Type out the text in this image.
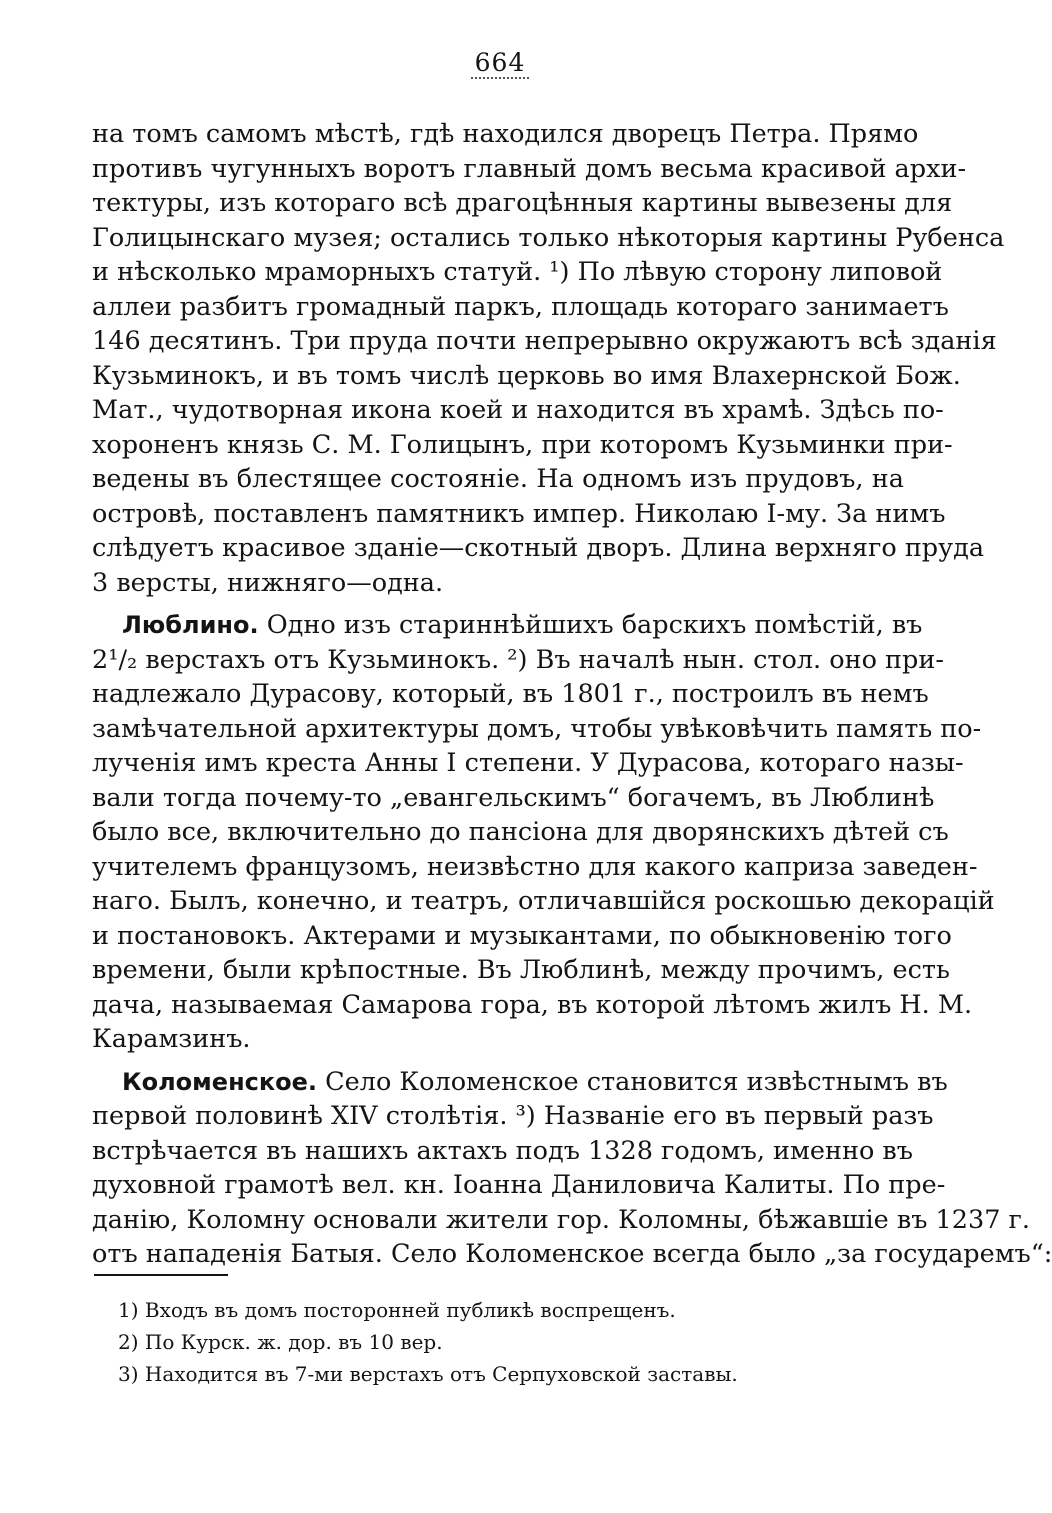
664
на томъ самомъ мѣстѣ, гдѣ находился дворецъ Петра. Прямо
противъ чугунныхъ воротъ главный домъ весьма красивой архи-
тектуры, изъ котораго всѣ драгоцѣнныя картины вывезены для
Голицынскаго музея; остались только нѣкоторыя картины Рубенса
и нѣсколько мраморныхъ статуй. ¹) По лѣвую сторону липовой
аллеи разбитъ громадный паркъ, площадь котораго занимаетъ
146 десятинъ. Три пруда почти непрерывно окружаютъ всѣ зданія
Кузьминокъ, и въ томъ числѣ церковь во имя Влахернской Бож.
Мат., чудотворная икона коей и находится въ храмѣ. Здѣсь по-
хороненъ князь С. М. Голицынъ, при которомъ Кузьминки при-
ведены въ блестящее состояніе. На одномъ изъ прудовъ, на
островѣ, поставленъ памятникъ импер. Николаю I-му. За нимъ
слѣдуетъ красивое зданіе—скотный дворъ. Длина верхняго пруда
3 версты, нижняго—одна.
Люблино. Одно изъ стариннѣйшихъ барскихъ помѣстій, въ
2¹/₂ верстахъ отъ Кузьминокъ. ²) Въ началѣ нын. стол. оно при-
надлежало Дурасову, который, въ 1801 г., построилъ въ немъ
замѣчательной архитектуры домъ, чтобы увѣковѣчить память по-
лученія имъ креста Анны I степени. У Дурасова, котораго назы-
вали тогда почему-то „евангельскимъ“ богачемъ, въ Люблинѣ
было все, включительно до пансіона для дворянскихъ дѣтей съ
учителемъ французомъ, неизвѣстно для какого каприза заведен-
наго. Былъ, конечно, и театръ, отличавшійся роскошью декорацій
и постановокъ. Актерами и музыкантами, по обыкновенію того
времени, были крѣпостные. Въ Люблинѣ, между прочимъ, есть
дача, называемая Самарова гора, въ которой лѣтомъ жилъ Н. М.
Карамзинъ.
Коломенское. Село Коломенское становится извѣстнымъ въ
первой половинѣ XIV столѣтія. ³) Названіе его въ первый разъ
встрѣчается въ нашихъ актахъ подъ 1328 годомъ, именно въ
духовной грамотѣ вел. кн. Іоанна Даниловича Калиты. По пре-
данію, Коломну основали жители гор. Коломны, бѣжавшіе въ 1237 г.
отъ нападенія Батыя. Село Коломенское всегда было „за государемъ“:
1) Входъ въ домъ посторонней публикѣ воспрещенъ.
2) По Курск. ж. дор. въ 10 вер.
3) Находится въ 7-ми верстахъ отъ Серпуховской заставы.
